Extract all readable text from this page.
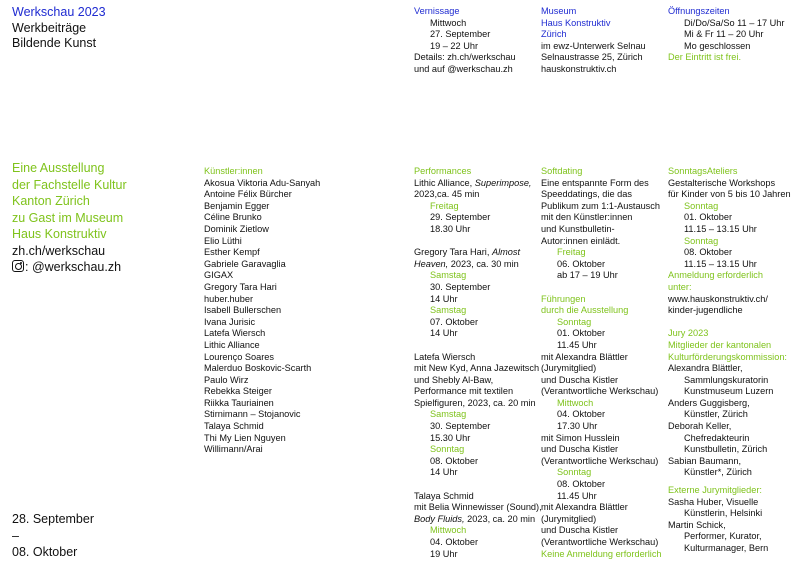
Werkschau 2023
Werkbeiträge
Bildende Kunst
Eine Ausstellung
der Fachstelle Kultur
Kanton Zürich
zu Gast im Museum
Haus Konstruktiv
zh.ch/werkschau
: @werkschau.zh
28. September
–
08. Oktober
Vernissage
Mittwoch
27. September
19 – 22 Uhr
Details: zh.ch/werkschau
und auf @werkschau.zh
Museum
Haus Konstruktiv
Zürich
im ewz-Unterwerk Selnau
Selnaustrasse 25, Zürich
hauskonstruktiv.ch
Öffnungszeiten
Di/Do/Sa/So 11 – 17 Uhr
Mi & Fr 11 – 20 Uhr
Mo geschlossen
Der Eintritt ist frei.
Künstler:innen
Akosua Viktoria Adu-Sanyah
Antoine Félix Bürcher
Benjamin Egger
Céline Brunko
Dominik Zietlow
Elio Lüthi
Esther Kempf
Gabriele Garavaglia
GIGAX
Gregory Tara Hari
huber.huber
Isabell Bullerschen
Ivana Jurisic
Latefa Wiersch
Lithic Alliance
Lourenço Soares
Malerduo Boskovic-Scarth
Paulo Wirz
Rebekka Steiger
Riikka Tauriainen
Stirnimann – Stojanovic
Talaya Schmid
Thi My Lien Nguyen
Willimann/Arai
Performances
Lithic Alliance, Superimpose,
2023,ca. 45 min
Freitag
29. September
18.30 Uhr
Gregory Tara Hari, Almost
Heaven, 2023, ca. 30 min
Samstag
30. September
14 Uhr
Samstag
07. Oktober
14 Uhr
Latefa Wiersch
mit New Kyd, Anna Jazewitsch
und Shebly Al-Baw,
Performance mit textilen
Spielfiguren, 2023, ca. 20 min
Samstag
30. September
15.30 Uhr
Sonntag
08. Oktober
14 Uhr
Talaya Schmid
mit Belia Winnewisser (Sound),
Body Fluids, 2023, ca. 20 min
Mittwoch
04. Oktober
19 Uhr
Softdating
Eine entspannte Form des
Speeddatings, die das
Publikum zum 1:1-Austausch
mit den Künstler:innen
und Kunstbulletin-
Autor:innen einlädt.
Freitag
06. Oktober
ab 17 – 19 Uhr
Führungen
durch die Ausstellung
Sonntag
01. Oktober
11.45 Uhr
mit Alexandra Blättler
(Jurymitglied)
und Duscha Kistler
(Verantwortliche Werkschau)
Mittwoch
04. Oktober
17.30 Uhr
mit Simon Husslein
und Duscha Kistler
(Verantwortliche Werkschau)
Sonntag
08. Oktober
11.45 Uhr
mit Alexandra Blättler
(Jurymitglied)
und Duscha Kistler
(Verantwortliche Werkschau)
Keine Anmeldung erforderlich
SonntagsAteliers
Gestalterische Workshops
für Kinder von 5 bis 10 Jahren
Sonntag
01. Oktober
11.15 – 13.15 Uhr
Sonntag
08. Oktober
11.15 – 13.15 Uhr
Anmeldung erforderlich
unter:
www.hauskonstruktiv.ch/
kinder-jugendliche
Jury 2023
Mitglieder der kantonalen
Kulturförderungskommission:
Alexandra Blättler,
Sammlungskuratorin
Kunstmuseum Luzern
Anders Guggisberg,
Künstler, Zürich
Deborah Keller,
Chefredakteurin
Kunstbulletin, Zürich
Sabian Baumann,
Künstler*, Zürich
Externe Jurymitglieder:
Sasha Huber, Visuelle
Künstlerin, Helsinki
Martin Schick,
Performer, Kurator,
Kulturmanager, Bern
